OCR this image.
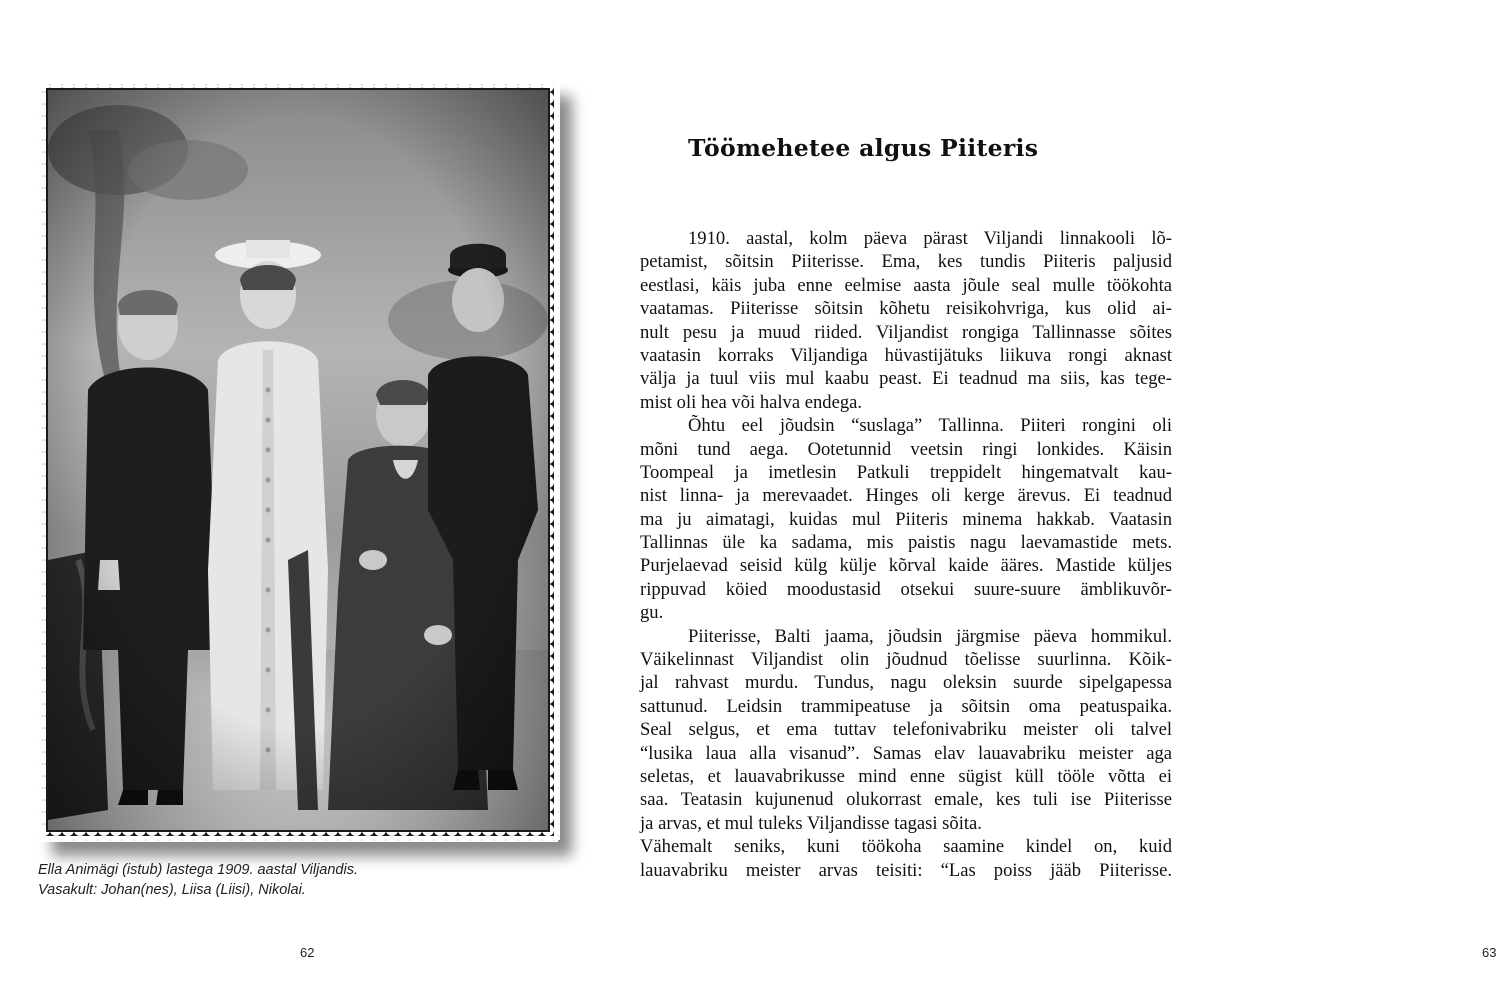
Ella Animägi (istub) lastega 1909. aastal Viljandis.
Vasakult: Johan(nes), Liisa (Liisi), Nikolai.
62
Töömehetee algus Piiteris
1910. aastal, kolm päeva pärast Viljandi linnakooli lõ-
petamist, sõitsin Piiterisse. Ema, kes tundis Piiteris paljusid
eestlasi, käis juba enne eelmise aasta jõule seal mulle töökohta
vaatamas. Piiterisse sõitsin kõhetu reisikohvriga, kus olid ai-
nult pesu ja muud riided. Viljandist rongiga Tallinnasse sõites
vaatasin korraks Viljandiga hüvastijätuks liikuva rongi aknast
välja ja tuul viis mul kaabu peast. Ei teadnud ma siis, kas tege-
mist oli hea või halva endega.
Õhtu eel jõudsin “suslaga” Tallinna. Piiteri rongini oli
mõni tund aega. Ootetunnid veetsin ringi lonkides. Käisin
Toompeal ja imetlesin Patkuli treppidelt hingematvalt kau-
nist linna- ja merevaadet. Hinges oli kerge ärevus. Ei teadnud
ma ju aimatagi, kuidas mul Piiteris minema hakkab. Vaatasin
Tallinnas üle ka sadama, mis paistis nagu laevamastide mets.
Purjelaevad seisid külg külje kõrval kaide ääres. Mastide küljes
rippuvad köied moodustasid otsekui suure-suure ämblikuvõr-
gu.
Piiterisse, Balti jaama, jõudsin järgmise päeva hommikul.
Väikelinnast Viljandist olin jõudnud tõelisse suurlinna. Kõik-
jal rahvast murdu. Tundus, nagu oleksin suurde sipelgapessa
sattunud. Leidsin trammipeatuse ja sõitsin oma peatuspaika.
Seal selgus, et ema tuttav telefonivabriku meister oli talvel
“lusika laua alla visanud”. Samas elav lauavabriku meister aga
seletas, et lauavabrikusse mind enne sügist küll tööle võtta ei
saa. Teatasin kujunenud olukorrast emale, kes tuli ise Piiterisse
ja arvas, et mul tuleks Viljandisse tagasi sõita.
Vähemalt seniks, kuni töökoha saamine kindel on, kuid
lauavabriku meister arvas teisiti: “Las poiss jääb Piiterisse.
63
